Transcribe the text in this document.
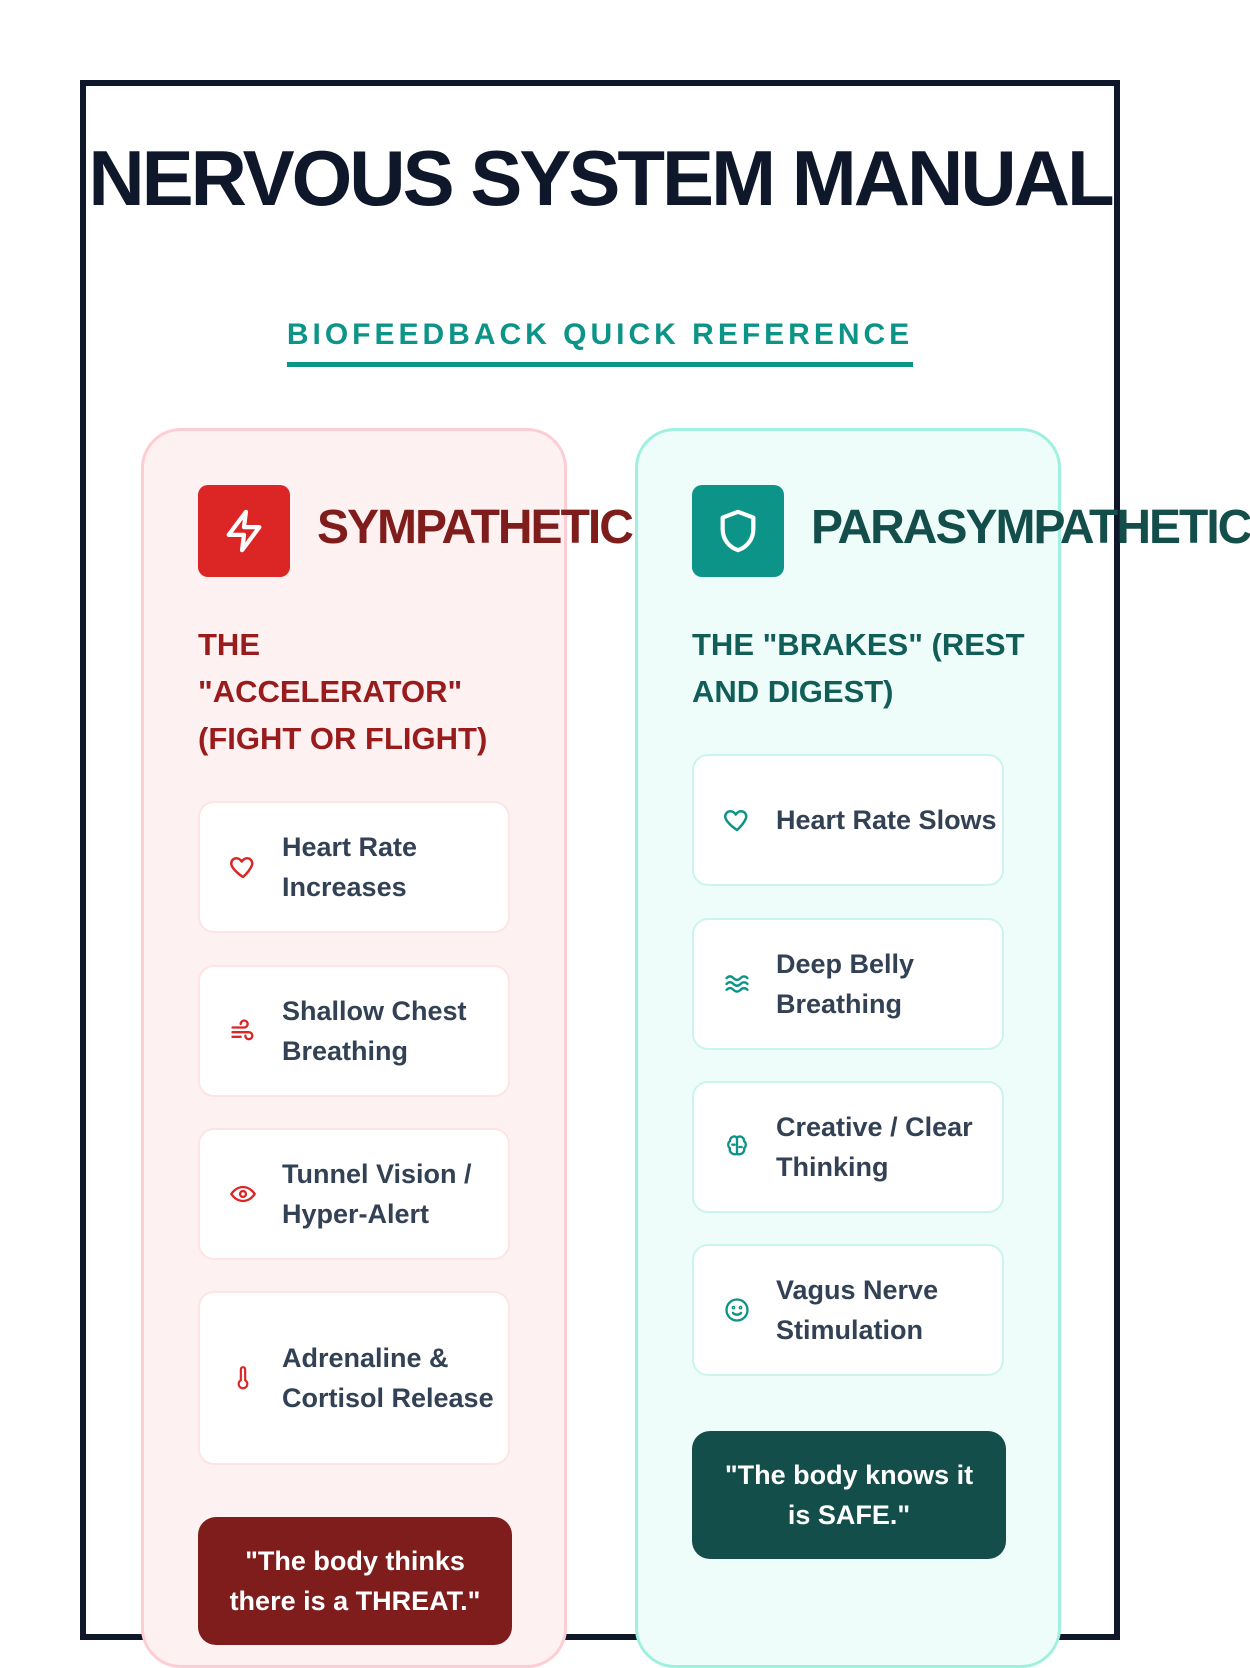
NERVOUS SYSTEM MANUAL
BIOFEEDBACK QUICK REFERENCE

THE "ACCELERATOR" (FIGHT OR FLIGHT)

Heart Rate Increases
Shallow Chest Breathing
Tunnel Vision / Hyper-Alert
Adrenaline & Cortisol Release
"The body thinks there is a THREAT."

THE "BRAKES" (REST AND DIGEST)

Heart Rate Slows
Deep Belly Breathing
Creative / Clear Thinking
Vagus Nerve Stimulation
"The body knows it is SAFE."
SYMPATHETIC	PARASYMPATHETIC
